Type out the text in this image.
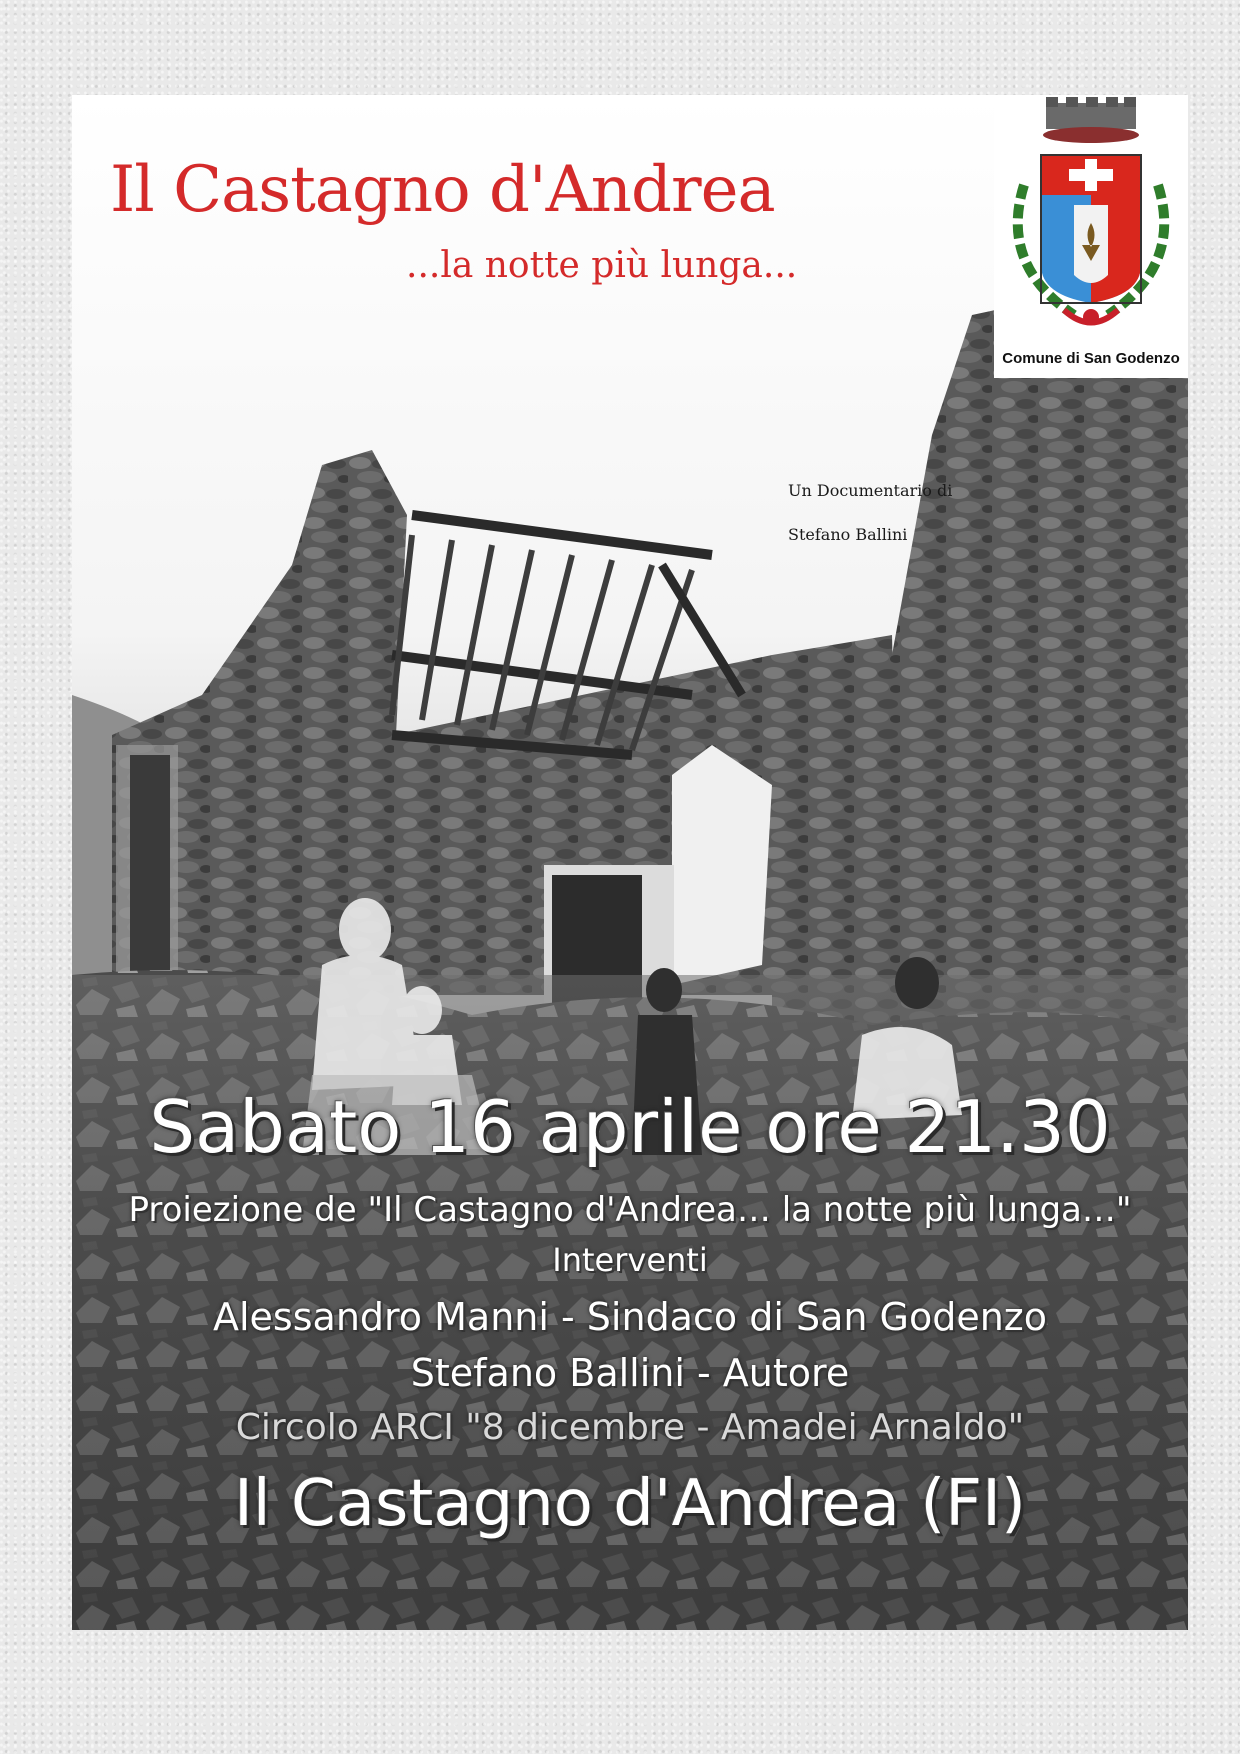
Il Castagno d'Andrea
...la notte più lunga...
Un Documentario di
Stefano Ballini
Comune di San Godenzo
Sabato 16 aprile ore 21.30
Proiezione de "Il Castagno d'Andrea… la notte più lunga…"
Interventi
Alessandro Manni - Sindaco di San Godenzo
Stefano Ballini - Autore
Circolo ARCI "8 dicembre - Amadei Arnaldo"
Il Castagno d'Andrea (FI)
